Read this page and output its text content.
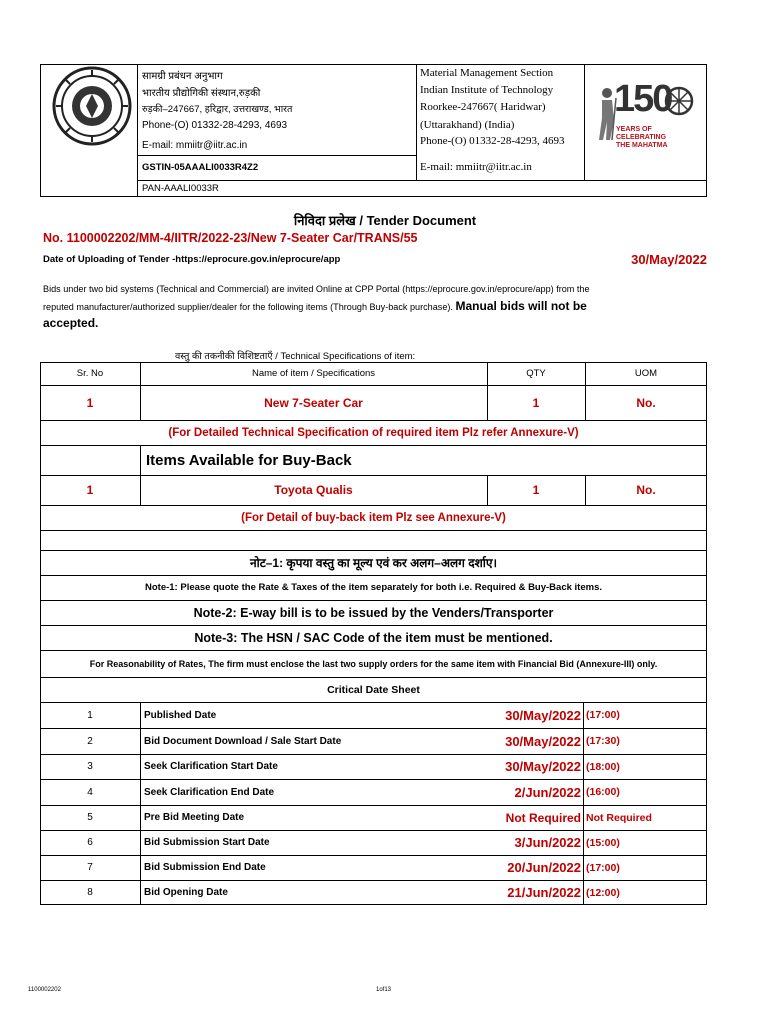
सामग्री प्रबंधन अनुभाग
भारतीय प्रौद्योगिकी संस्थान,रुड़की
रुड़की–247667, हरिद्वार, उत्तराखण्ड, भारत
Phone-(O) 01332-28-4293, 4693
E-mail: mmiitr@iitr.ac.in
GSTIN-05AAALI0033R4Z2
PAN-AAALI0033R
Material Management Section
Indian Institute of Technology
Roorkee-247667( Haridwar)
(Uttarakhand) (India)
Phone-(O) 01332-28-4293, 4693
E-mail: mmiitr@iitr.ac.in
150
YEARS OF
CELEBRATING
THE MAHATMA
निविदा प्रलेख / Tender Document
No. 1100002202/MM-4/IITR/2022-23/New 7-Seater Car/TRANS/55
Date of Uploading of Tender -https://eprocure.gov.in/eprocure/app	30/May/2022
Bids under two bid systems (Technical and Commercial) are invited Online at CPP Portal (https://eprocure.gov.in/eprocure/app) from the
reputed manufacturer/authorized supplier/dealer for the following items (Through Buy-back purchase). Manual bids will not be
accepted.
वस्तु की तकनीकी विशिष्टताएँ / Technical Specifications of item:
Sr. No	Name of item / Specifications	QTY	UOM
1	New 7-Seater Car	1	No.
(For Detailed Technical Specification of required item Plz refer Annexure-V)
Items Available for Buy-Back
1	Toyota Qualis	1	No.
(For Detail of buy-back item Plz see Annexure-V)
नोट–1: कृपया वस्तु का मूल्य एवं कर अलग–अलग दर्शाए।
Note-1: Please quote the Rate & Taxes of the item separately for both i.e. Required & Buy-Back items.
Note-2: E-way bill is to be issued by the Venders/Transporter
Note-3: The HSN / SAC Code of the item must be mentioned.
For Reasonability of Rates, The firm must enclose the last two supply orders for the same item with Financial Bid (Annexure-III) only.
Critical Date Sheet
1	Published Date	30/May/2022 (17:00)
2	Bid Document Download / Sale Start Date	30/May/2022 (17:30)
3	Seek Clarification Start Date	30/May/2022 (18:00)
4	Seek Clarification End Date	2/Jun/2022 (16:00)
5	Pre Bid Meeting Date	Not Required Not Required
6	Bid Submission Start Date	3/Jun/2022 (15:00)
7	Bid Submission End Date	20/Jun/2022 (17:00)
8	Bid Opening Date	21/Jun/2022 (12:00)
1100002202	1of13
